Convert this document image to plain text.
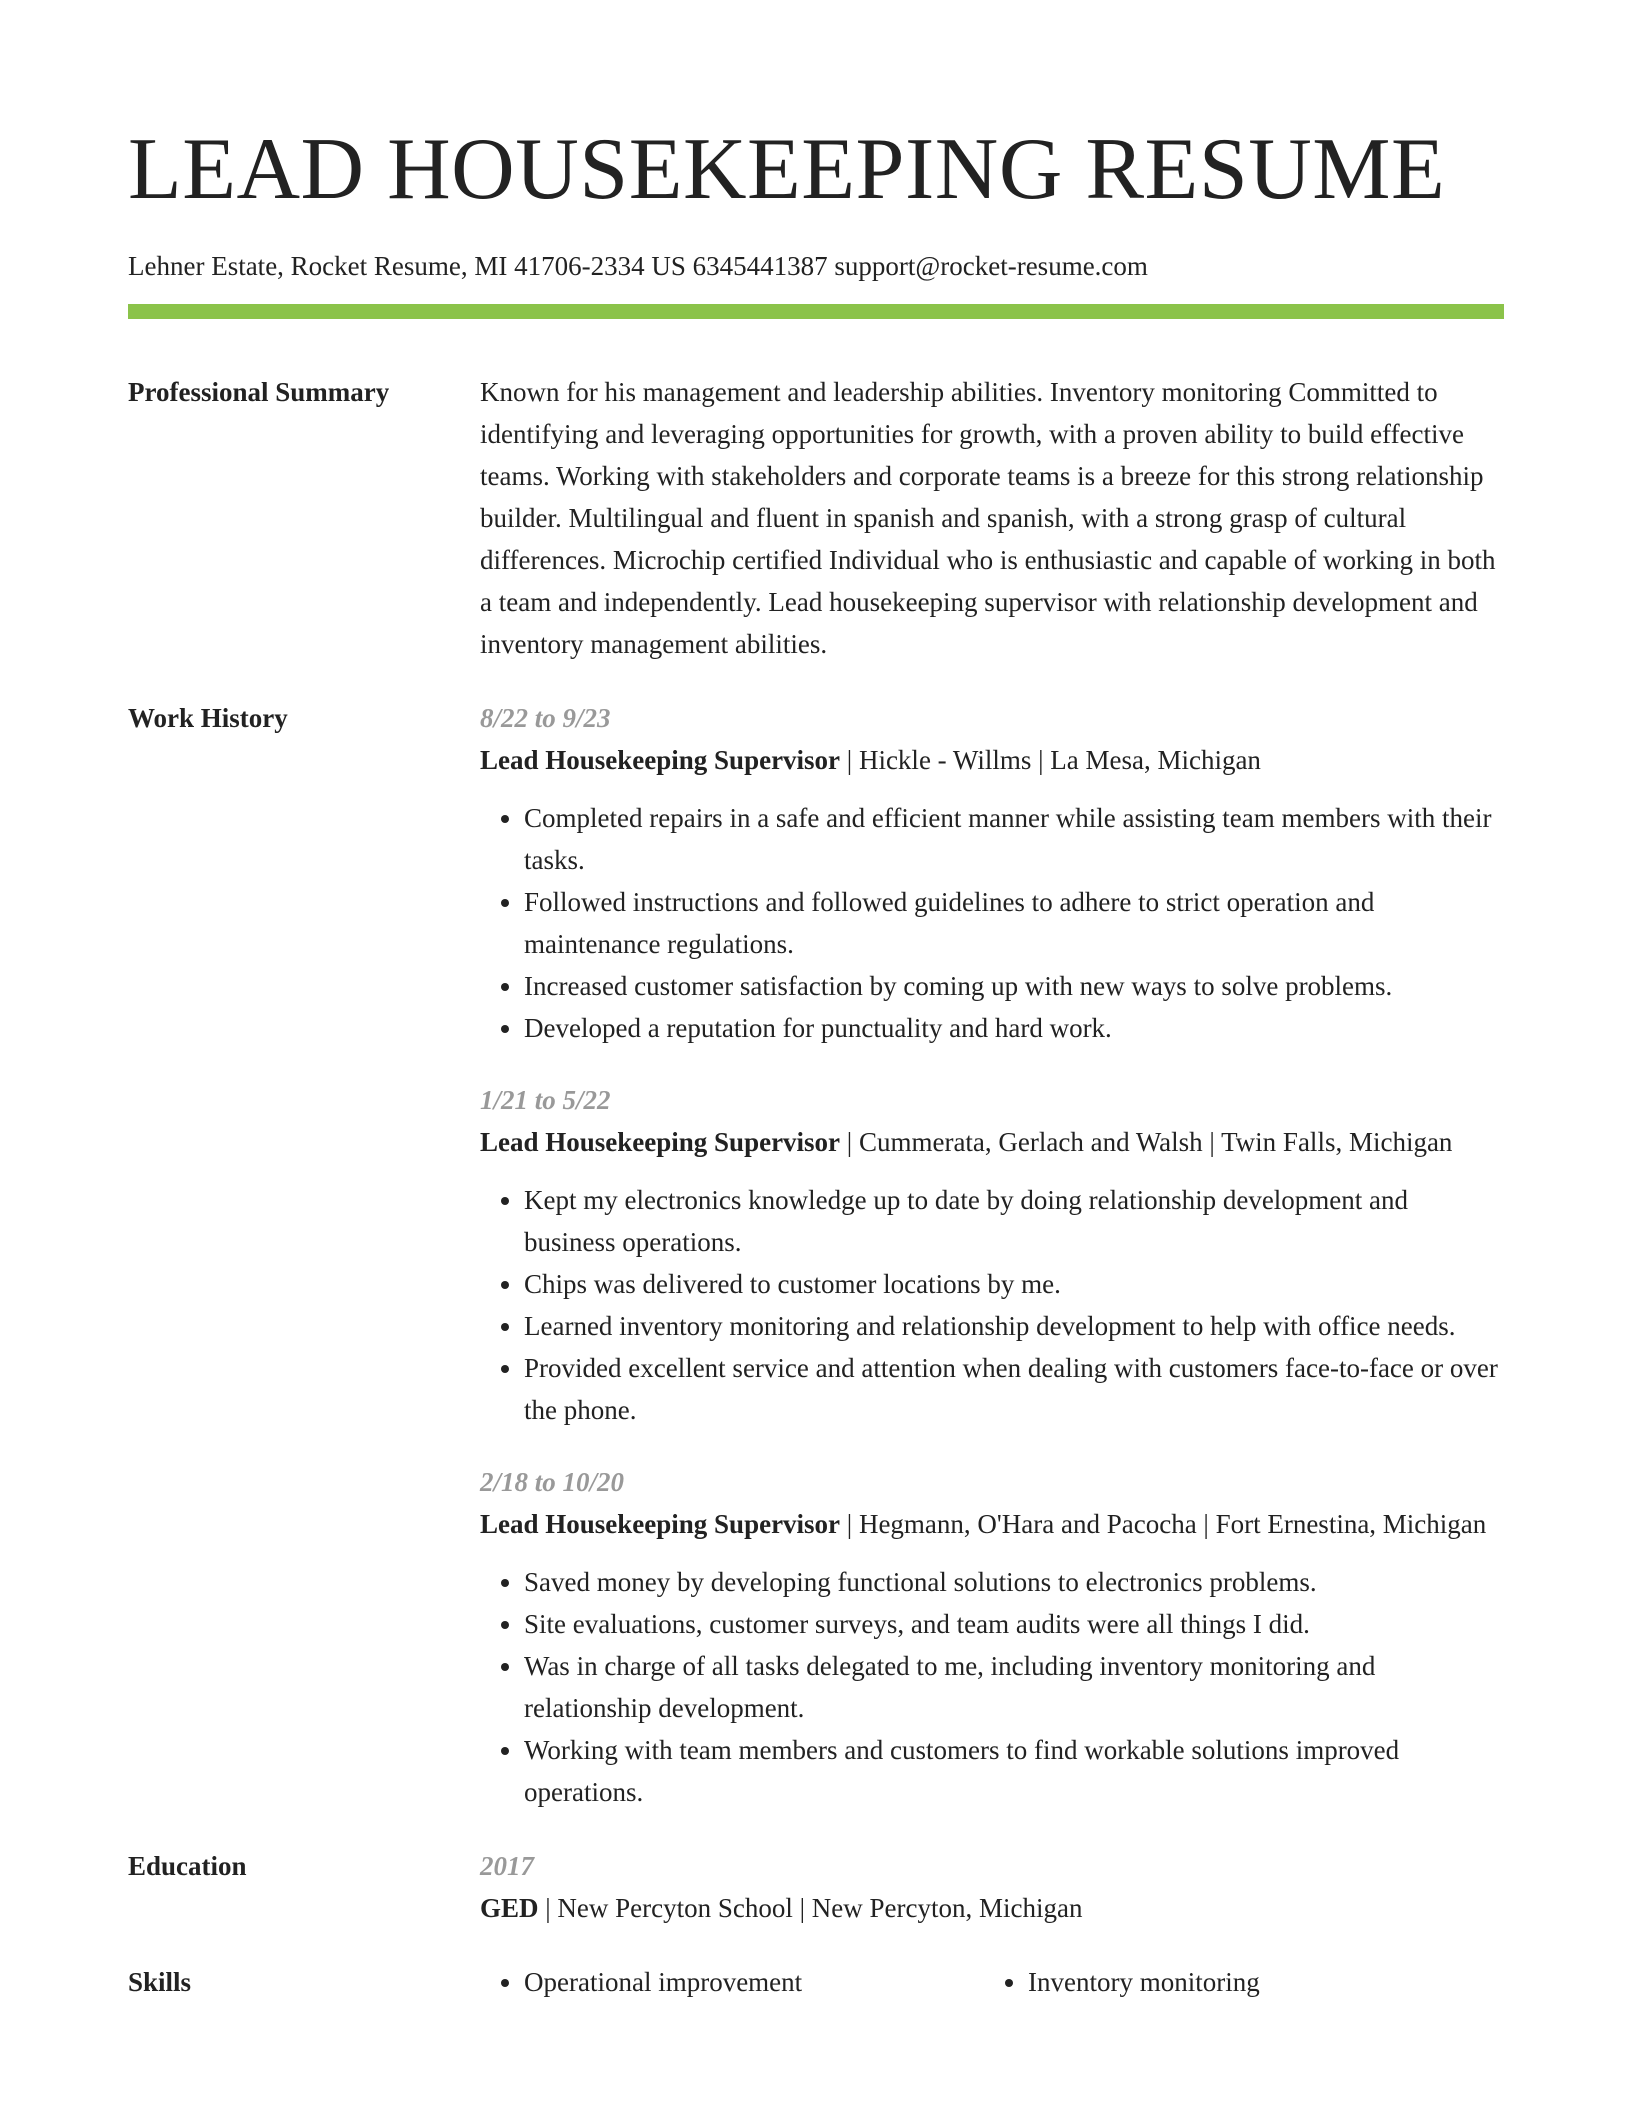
LEAD HOUSEKEEPING RESUME
Lehner Estate, Rocket Resume, MI 41706-2334 US 6345441387 support@rocket-resume.com
Professional Summary	Known for his management and leadership abilities. Inventory monitoring Committed to identifying and leveraging opportunities for growth, with a proven ability to build effective teams. Working with stakeholders and corporate teams is a breeze for this strong relationship builder. Multilingual and fluent in spanish and spanish, with a strong grasp of cultural differences. Microchip certified Individual who is enthusiastic and capable of working in both a team and independently. Lead housekeeping supervisor with relationship development and inventory management abilities.
Work History	8/22 to 9/23
Lead Housekeeping Supervisor | Hickle - Willms | La Mesa, Michigan
• Completed repairs in a safe and efficient manner while assisting team members with their tasks.
• Followed instructions and followed guidelines to adhere to strict operation and maintenance regulations.
• Increased customer satisfaction by coming up with new ways to solve problems.
• Developed a reputation for punctuality and hard work.
1/21 to 5/22
Lead Housekeeping Supervisor | Cummerata, Gerlach and Walsh | Twin Falls, Michigan
• Kept my electronics knowledge up to date by doing relationship development and business operations.
• Chips was delivered to customer locations by me.
• Learned inventory monitoring and relationship development to help with office needs.
• Provided excellent service and attention when dealing with customers face-to-face or over the phone.
2/18 to 10/20
Lead Housekeeping Supervisor | Hegmann, O'Hara and Pacocha | Fort Ernestina, Michigan
• Saved money by developing functional solutions to electronics problems.
• Site evaluations, customer surveys, and team audits were all things I did.
• Was in charge of all tasks delegated to me, including inventory monitoring and relationship development.
• Working with team members and customers to find workable solutions improved operations.
Education	2017
GED | New Percyton School | New Percyton, Michigan
Skills	• Operational improvement	• Inventory monitoring
